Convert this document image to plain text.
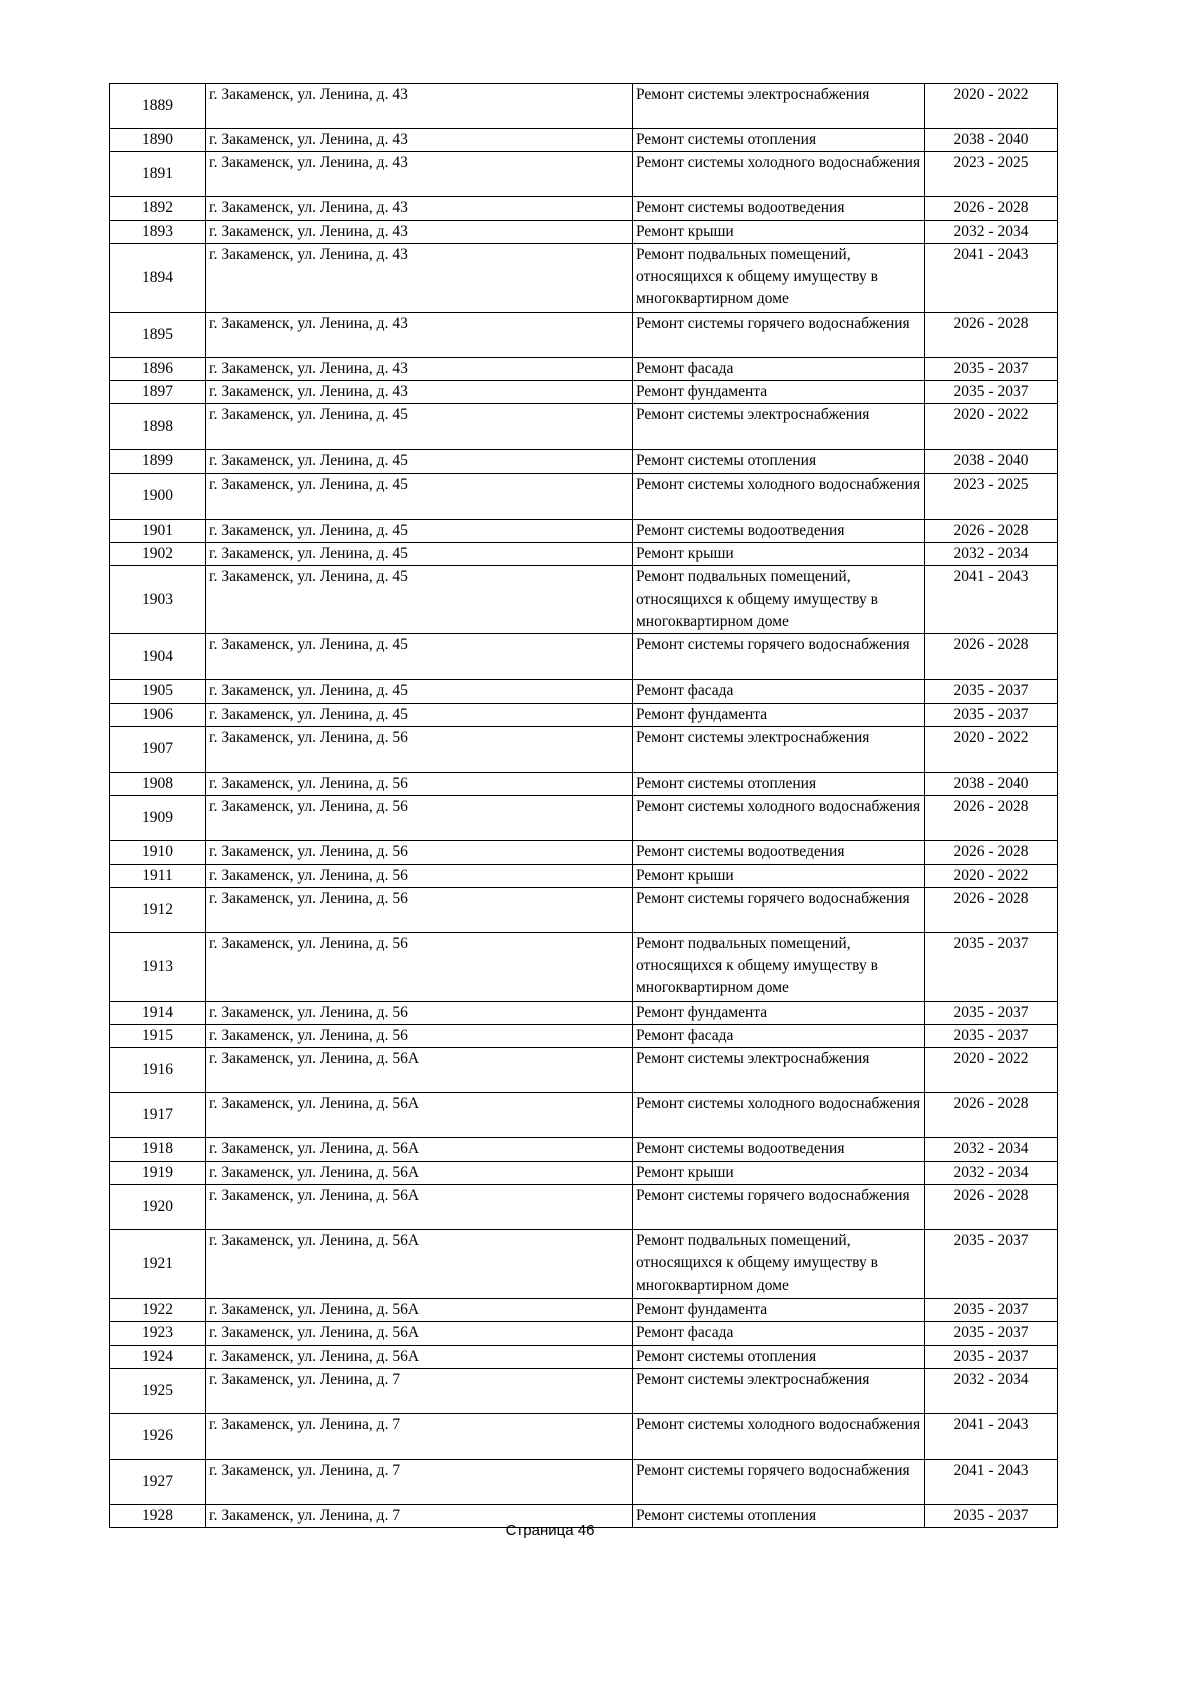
1889	г. Закаменск, ул. Ленина, д. 43	Ремонт системы электроснабжения	2020 - 2022
1890	г. Закаменск, ул. Ленина, д. 43	Ремонт системы отопления	2038 - 2040
1891	г. Закаменск, ул. Ленина, д. 43	Ремонт системы холодного водоснабжения	2023 - 2025
1892	г. Закаменск, ул. Ленина, д. 43	Ремонт системы водоотведения	2026 - 2028
1893	г. Закаменск, ул. Ленина, д. 43	Ремонт крыши	2032 - 2034
1894	г. Закаменск, ул. Ленина, д. 43	Ремонт подвальных помещений, относящихся к общему имуществу в многоквартирном доме	2041 - 2043
1895	г. Закаменск, ул. Ленина, д. 43	Ремонт системы горячего водоснабжения	2026 - 2028
1896	г. Закаменск, ул. Ленина, д. 43	Ремонт фасада	2035 - 2037
1897	г. Закаменск, ул. Ленина, д. 43	Ремонт фундамента	2035 - 2037
1898	г. Закаменск, ул. Ленина, д. 45	Ремонт системы электроснабжения	2020 - 2022
1899	г. Закаменск, ул. Ленина, д. 45	Ремонт системы отопления	2038 - 2040
1900	г. Закаменск, ул. Ленина, д. 45	Ремонт системы холодного водоснабжения	2023 - 2025
1901	г. Закаменск, ул. Ленина, д. 45	Ремонт системы водоотведения	2026 - 2028
1902	г. Закаменск, ул. Ленина, д. 45	Ремонт крыши	2032 - 2034
1903	г. Закаменск, ул. Ленина, д. 45	Ремонт подвальных помещений, относящихся к общему имуществу в многоквартирном доме	2041 - 2043
1904	г. Закаменск, ул. Ленина, д. 45	Ремонт системы горячего водоснабжения	2026 - 2028
1905	г. Закаменск, ул. Ленина, д. 45	Ремонт фасада	2035 - 2037
1906	г. Закаменск, ул. Ленина, д. 45	Ремонт фундамента	2035 - 2037
1907	г. Закаменск, ул. Ленина, д. 56	Ремонт системы электроснабжения	2020 - 2022
1908	г. Закаменск, ул. Ленина, д. 56	Ремонт системы отопления	2038 - 2040
1909	г. Закаменск, ул. Ленина, д. 56	Ремонт системы холодного водоснабжения	2026 - 2028
1910	г. Закаменск, ул. Ленина, д. 56	Ремонт системы водоотведения	2026 - 2028
1911	г. Закаменск, ул. Ленина, д. 56	Ремонт крыши	2020 - 2022
1912	г. Закаменск, ул. Ленина, д. 56	Ремонт системы горячего водоснабжения	2026 - 2028
1913	г. Закаменск, ул. Ленина, д. 56	Ремонт подвальных помещений, относящихся к общему имуществу в многоквартирном доме	2035 - 2037
1914	г. Закаменск, ул. Ленина, д. 56	Ремонт фундамента	2035 - 2037
1915	г. Закаменск, ул. Ленина, д. 56	Ремонт фасада	2035 - 2037
1916	г. Закаменск, ул. Ленина, д. 56А	Ремонт системы электроснабжения	2020 - 2022
1917	г. Закаменск, ул. Ленина, д. 56А	Ремонт системы холодного водоснабжения	2026 - 2028
1918	г. Закаменск, ул. Ленина, д. 56А	Ремонт системы водоотведения	2032 - 2034
1919	г. Закаменск, ул. Ленина, д. 56А	Ремонт крыши	2032 - 2034
1920	г. Закаменск, ул. Ленина, д. 56А	Ремонт системы горячего водоснабжения	2026 - 2028
1921	г. Закаменск, ул. Ленина, д. 56А	Ремонт подвальных помещений, относящихся к общему имуществу в многоквартирном доме	2035 - 2037
1922	г. Закаменск, ул. Ленина, д. 56А	Ремонт фундамента	2035 - 2037
1923	г. Закаменск, ул. Ленина, д. 56А	Ремонт фасада	2035 - 2037
1924	г. Закаменск, ул. Ленина, д. 56А	Ремонт системы отопления	2035 - 2037
1925	г. Закаменск, ул. Ленина, д. 7	Ремонт системы электроснабжения	2032 - 2034
1926	г. Закаменск, ул. Ленина, д. 7	Ремонт системы холодного водоснабжения	2041 - 2043
1927	г. Закаменск, ул. Ленина, д. 7	Ремонт системы горячего водоснабжения	2041 - 2043
1928	г. Закаменск, ул. Ленина, д. 7	Ремонт системы отопления	2035 - 2037
Страница 46
